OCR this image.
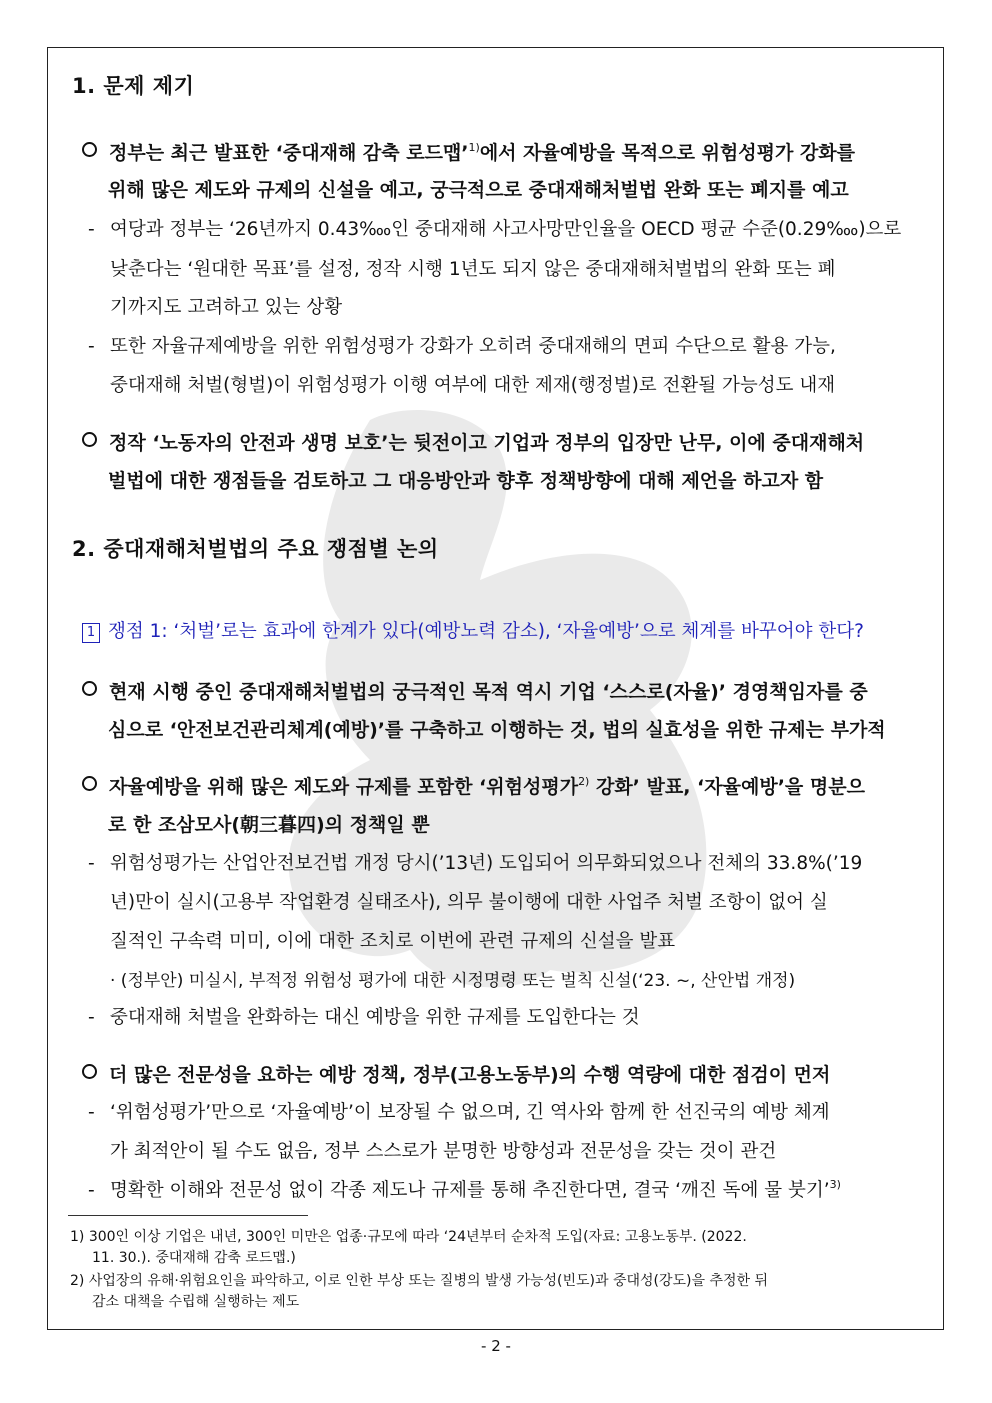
1. 문제 제기
정부는 최근 발표한 ‘중대재해 감축 로드맵’$^{1)}$에서 자율예방을 목적으로 위험성평가 강화를
위해 많은 제도와 규제의 신설을 예고, 궁극적으로 중대재해처벌법 완화 또는 폐지를 예고
- 여당과 정부는 ‘26년까지 0.43‱인 중대재해 사고사망만인율을 OECD 평균 수준(0.29‱)으로
낮춘다는 ‘원대한 목표’를 설정, 정작 시행 1년도 되지 않은 중대재해처벌법의 완화 또는 폐
기까지도 고려하고 있는 상황
- 또한 자율규제예방을 위한 위험성평가 강화가 오히려 중대재해의 면피 수단으로 활용 가능,
중대재해 처벌(형벌)이 위험성평가 이행 여부에 대한 제재(행정벌)로 전환될 가능성도 내재
정작 ‘노동자의 안전과 생명 보호’는 뒷전이고 기업과 정부의 입장만 난무, 이에 중대재해처
벌법에 대한 쟁점들을 검토하고 그 대응방안과 향후 정책방향에 대해 제언을 하고자 함
2. 중대재해처벌법의 주요 쟁점별 논의
1 쟁점 1: ‘처벌’로는 효과에 한계가 있다(예방노력 감소), ‘자율예방’으로 체계를 바꾸어야 한다?
현재 시행 중인 중대재해처벌법의 궁극적인 목적 역시 기업 ‘스스로(자율)’ 경영책임자를 중
심으로 ‘안전보건관리체계(예방)’를 구축하고 이행하는 것, 법의 실효성을 위한 규제는 부가적
자율예방을 위해 많은 제도와 규제를 포함한 ‘위험성평가$^{2)}$ 강화’ 발표, ‘자율예방’을 명분으
로 한 조삼모사(朝三暮四)의 정책일 뿐
- 위험성평가는 산업안전보건법 개정 당시(’13년) 도입되어 의무화되었으나 전체의 33.8%(’19
년)만이 실시(고용부 작업환경 실태조사), 의무 불이행에 대한 사업주 처벌 조항이 없어 실
질적인 구속력 미미, 이에 대한 조치로 이번에 관련 규제의 신설을 발표
· (정부안) 미실시, 부적정 위험성 평가에 대한 시정명령 또는 벌칙 신설(‘23. ~, 산안법 개정)
- 중대재해 처벌을 완화하는 대신 예방을 위한 규제를 도입한다는 것
더 많은 전문성을 요하는 예방 정책, 정부(고용노동부)의 수행 역량에 대한 점검이 먼저
- ‘위험성평가’만으로 ‘자율예방’이 보장될 수 없으며, 긴 역사와 함께 한 선진국의 예방 체계
가 최적안이 될 수도 없음, 정부 스스로가 분명한 방향성과 전문성을 갖는 것이 관건
- 명확한 이해와 전문성 없이 각종 제도나 규제를 통해 추진한다면, 결국 ‘깨진 독에 물 붓기’$^{3)}$
1) 300인 이상 기업은 내년, 300인 미만은 업종·규모에 따라 ‘24년부터 순차적 도입(자료: 고용노동부. (2022.
11. 30.). 중대재해 감축 로드맵.)
2) 사업장의 유해·위험요인을 파악하고, 이로 인한 부상 또는 질병의 발생 가능성(빈도)과 중대성(강도)을 추정한 뒤
감소 대책을 수립해 실행하는 제도
- 2 -
